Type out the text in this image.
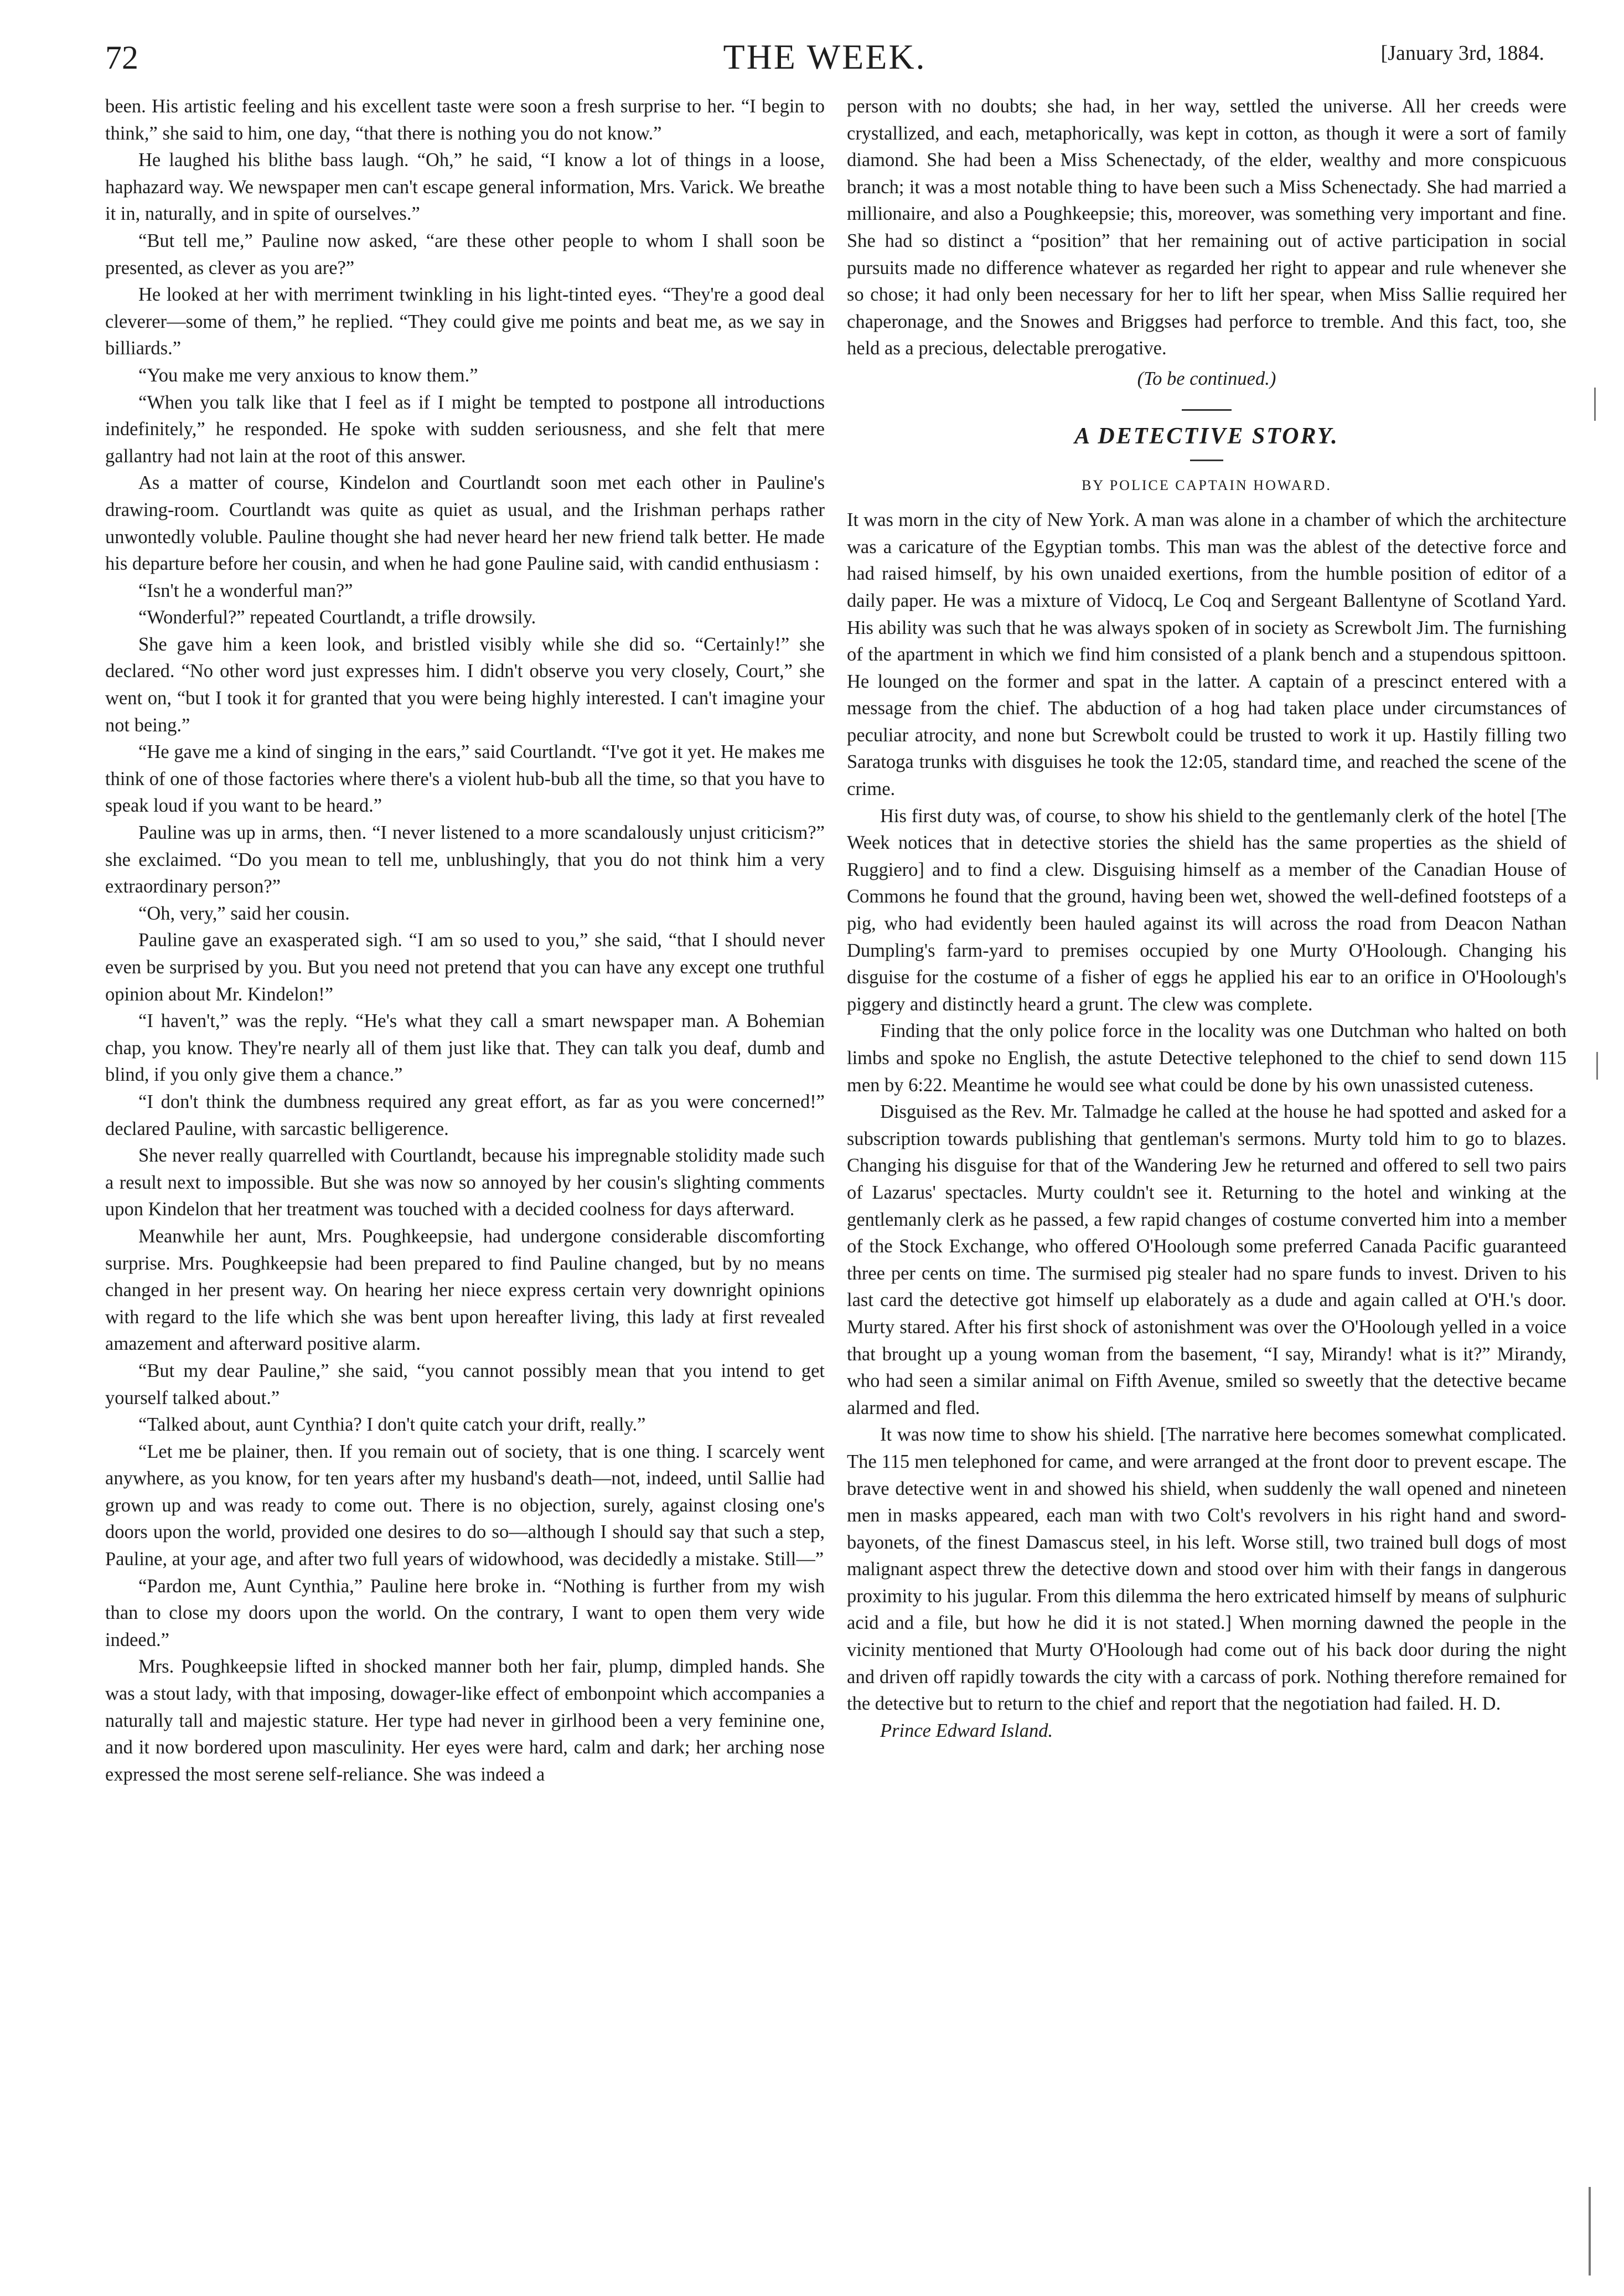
72	THE WEEK.	[January 3rd, 1884.

been. His artistic feeling and his excellent taste were soon a fresh surprise to her. “I begin to think,” she said to him, one day, “that there is nothing you do not know.”

He laughed his blithe bass laugh. “Oh,” he said, “I know a lot of things in a loose, haphazard way. We newspaper men can't escape general information, Mrs. Varick. We breathe it in, naturally, and in spite of ourselves.”

“But tell me,” Pauline now asked, “are these other people to whom I shall soon be presented, as clever as you are?”

He looked at her with merriment twinkling in his light-tinted eyes. “They're a good deal cleverer—some of them,” he replied. “They could give me points and beat me, as we say in billiards.”

“You make me very anxious to know them.”

“When you talk like that I feel as if I might be tempted to postpone all introductions indefinitely,” he responded. He spoke with sudden seriousness, and she felt that mere gallantry had not lain at the root of this answer.

As a matter of course, Kindelon and Courtlandt soon met each other in Pauline's drawing-room. Courtlandt was quite as quiet as usual, and the Irishman perhaps rather unwontedly voluble. Pauline thought she had never heard her new friend talk better. He made his departure before her cousin, and when he had gone Pauline said, with candid enthusiasm :

“Isn't he a wonderful man?”

“Wonderful?” repeated Courtlandt, a trifle drowsily.

She gave him a keen look, and bristled visibly while she did so. “Certainly!” she declared. “No other word just expresses him. I didn't observe you very closely, Court,” she went on, “but I took it for granted that you were being highly interested. I can't imagine your not being.”

“He gave me a kind of singing in the ears,” said Courtlandt. “I've got it yet. He makes me think of one of those factories where there's a violent hub-bub all the time, so that you have to speak loud if you want to be heard.”

Pauline was up in arms, then. “I never listened to a more scandalously unjust criticism?” she exclaimed. “Do you mean to tell me, unblushingly, that you do not think him a very extraordinary person?”

“Oh, very,” said her cousin.

Pauline gave an exasperated sigh. “I am so used to you,” she said, “that I should never even be surprised by you. But you need not pretend that you can have any except one truthful opinion about Mr. Kindelon!”

“I haven't,” was the reply. “He's what they call a smart newspaper man. A Bohemian chap, you know. They're nearly all of them just like that. They can talk you deaf, dumb and blind, if you only give them a chance.”

“I don't think the dumbness required any great effort, as far as you were concerned!” declared Pauline, with sarcastic belligerence.

She never really quarrelled with Courtlandt, because his impregnable stolidity made such a result next to impossible. But she was now so annoyed by her cousin's slighting comments upon Kindelon that her treatment was touched with a decided coolness for days afterward.

Meanwhile her aunt, Mrs. Poughkeepsie, had undergone considerable discomforting surprise. Mrs. Poughkeepsie had been prepared to find Pauline changed, but by no means changed in her present way. On hearing her niece express certain very downright opinions with regard to the life which she was bent upon hereafter living, this lady at first revealed amazement and afterward positive alarm.

“But my dear Pauline,” she said, “you cannot possibly mean that you intend to get yourself talked about.”

“Talked about, aunt Cynthia? I don't quite catch your drift, really.”

“Let me be plainer, then. If you remain out of society, that is one thing. I scarcely went anywhere, as you know, for ten years after my husband's death—not, indeed, until Sallie had grown up and was ready to come out. There is no objection, surely, against closing one's doors upon the world, provided one desires to do so—although I should say that such a step, Pauline, at your age, and after two full years of widowhood, was decidedly a mistake. Still—”

“Pardon me, Aunt Cynthia,” Pauline here broke in. “Nothing is further from my wish than to close my doors upon the world. On the contrary, I want to open them very wide indeed.”

Mrs. Poughkeepsie lifted in shocked manner both her fair, plump, dimpled hands. She was a stout lady, with that imposing, dowager-like effect of embonpoint which accompanies a naturally tall and majestic stature. Her type had never in girlhood been a very feminine one, and it now bordered upon masculinity. Her eyes were hard, calm and dark; her arching nose expressed the most serene self-reliance. She was indeed a

person with no doubts; she had, in her way, settled the universe. All her creeds were crystallized, and each, metaphorically, was kept in cotton, as though it were a sort of family diamond. She had been a Miss Schenectady, of the elder, wealthy and more conspicuous branch; it was a most notable thing to have been such a Miss Schenectady. She had married a millionaire, and also a Poughkeepsie; this, moreover, was something very important and fine. She had so distinct a “position” that her remaining out of active participation in social pursuits made no difference whatever as regarded her right to appear and rule whenever she so chose; it had only been necessary for her to lift her spear, when Miss Sallie required her chaperonage, and the Snowes and Briggses had perforce to tremble. And this fact, too, she held as a precious, delectable prerogative.

(To be continued.)
A DETECTIVE STORY.
BY POLICE CAPTAIN HOWARD.

It was morn in the city of New York. A man was alone in a chamber of which the architecture was a caricature of the Egyptian tombs. This man was the ablest of the detective force and had raised himself, by his own unaided exertions, from the humble position of editor of a daily paper. He was a mixture of Vidocq, Le Coq and Sergeant Ballentyne of Scotland Yard. His ability was such that he was always spoken of in society as Screwbolt Jim. The furnishing of the apartment in which we find him consisted of a plank bench and a stupendous spittoon. He lounged on the former and spat in the latter. A captain of a prescinct entered with a message from the chief. The abduction of a hog had taken place under circumstances of peculiar atrocity, and none but Screwbolt could be trusted to work it up. Hastily filling two Saratoga trunks with disguises he took the 12:05, standard time, and reached the scene of the crime.

His first duty was, of course, to show his shield to the gentlemanly clerk of the hotel [The Week notices that in detective stories the shield has the same properties as the shield of Ruggiero] and to find a clew. Disguising himself as a member of the Canadian House of Commons he found that the ground, having been wet, showed the well-defined footsteps of a pig, who had evidently been hauled against its will across the road from Deacon Nathan Dumpling's farm-yard to premises occupied by one Murty O'Hoolough. Changing his disguise for the costume of a fisher of eggs he applied his ear to an orifice in O'Hoolough's piggery and distinctly heard a grunt. The clew was complete.

Finding that the only police force in the locality was one Dutchman who halted on both limbs and spoke no English, the astute Detective telephoned to the chief to send down 115 men by 6:22. Meantime he would see what could be done by his own unassisted cuteness.

Disguised as the Rev. Mr. Talmadge he called at the house he had spotted and asked for a subscription towards publishing that gentleman's sermons. Murty told him to go to blazes. Changing his disguise for that of the Wandering Jew he returned and offered to sell two pairs of Lazarus' spectacles. Murty couldn't see it. Returning to the hotel and winking at the gentlemanly clerk as he passed, a few rapid changes of costume converted him into a member of the Stock Exchange, who offered O'Hoolough some preferred Canada Pacific guaranteed three per cents on time. The surmised pig stealer had no spare funds to invest. Driven to his last card the detective got himself up elaborately as a dude and again called at O'H.'s door. Murty stared. After his first shock of astonishment was over the O'Hoolough yelled in a voice that brought up a young woman from the basement, “I say, Mirandy! what is it?” Mirandy, who had seen a similar animal on Fifth Avenue, smiled so sweetly that the detective became alarmed and fled.

It was now time to show his shield. [The narrative here becomes somewhat complicated. The 115 men telephoned for came, and were arranged at the front door to prevent escape. The brave detective went in and showed his shield, when suddenly the wall opened and nineteen men in masks appeared, each man with two Colt's revolvers in his right hand and sword-bayonets, of the finest Damascus steel, in his left. Worse still, two trained bull dogs of most malignant aspect threw the detective down and stood over him with their fangs in dangerous proximity to his jugular. From this dilemma the hero extricated himself by means of sulphuric acid and a file, but how he did it is not stated.] When morning dawned the people in the vicinity mentioned that Murty O'Hoolough had come out of his back door during the night and driven off rapidly towards the city with a carcass of pork. Nothing therefore remained for the detective but to return to the chief and report that the negotiation had failed. H. D.

Prince Edward Island.
